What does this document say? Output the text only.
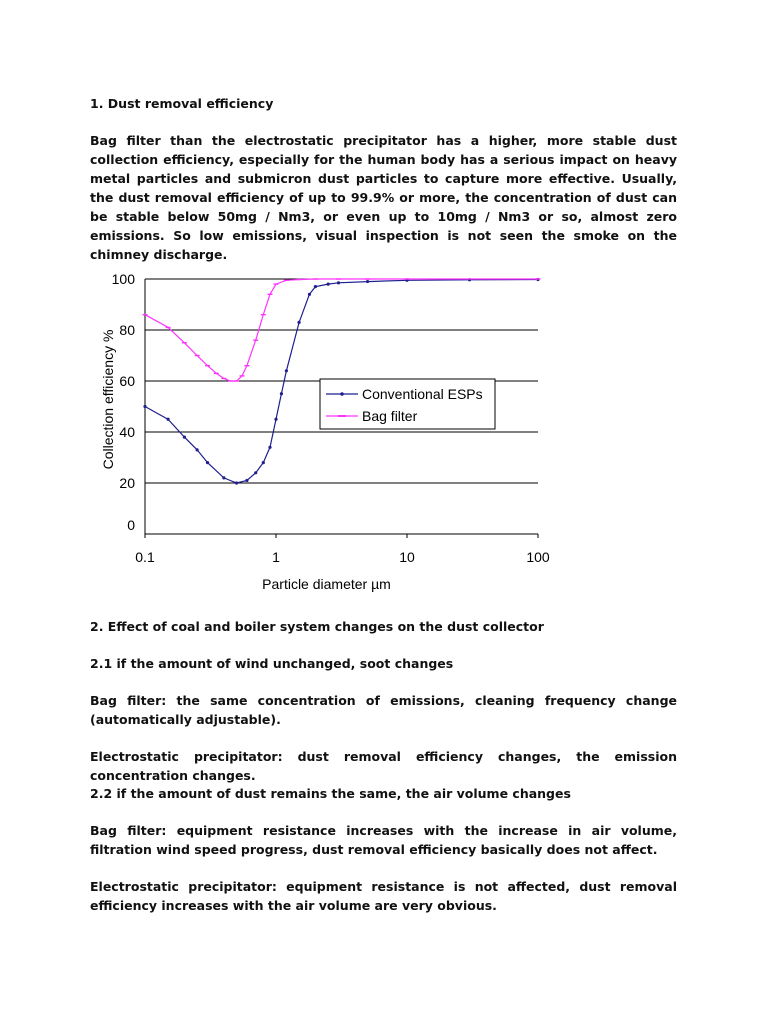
1. Dust removal efficiency

Bag filter than the electrostatic precipitator has a higher, more stable dust collection efficiency, especially for the human body has a serious impact on heavy metal particles and submicron dust particles to capture more effective. Usually, the dust removal efficiency of up to 99.9% or more, the concentration of dust can be stable below 50mg / Nm3, or even up to 10mg / Nm3 or so, almost zero emissions. So low emissions, visual inspection is not seen the smoke on the chimney discharge.

2. Effect of coal and boiler system changes on the dust collector

2.1 if the amount of wind unchanged, soot changes

Bag filter: the same concentration of emissions, cleaning frequency change (automatically adjustable).

Electrostatic precipitator: dust removal efficiency changes, the emission concentration changes.

2.2 if the amount of dust remains the same, the air volume changes

Bag filter: equipment resistance increases with the increase in air volume, filtration wind speed progress, dust removal efficiency basically does not affect.

Electrostatic precipitator: equipment resistance is not affected, dust removal efficiency increases with the air volume are very obvious.

0
20
40
60
80
100
0.1	1	10	100
Particle diameter µm
Collection efficiency %	Conventional ESPs
Bag filter
